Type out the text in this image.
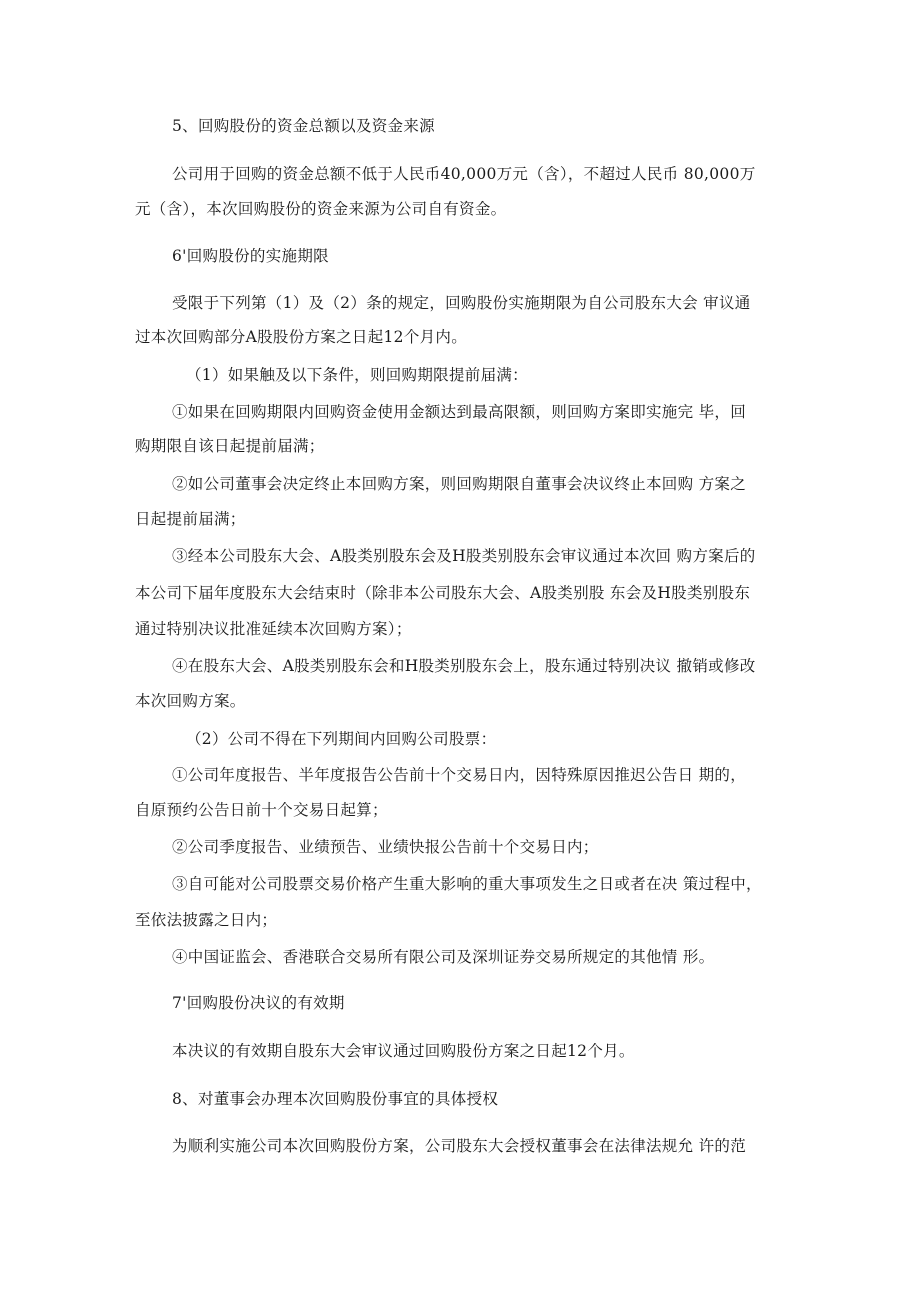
5、回购股份的资金总额以及资金来源
公司用于回购的资金总额不低于人民币40,000万元（含），不超过人民币 80,000万
元（含），本次回购股份的资金来源为公司自有资金。
6'回购股份的实施期限
受限于下列第（1）及（2）条的规定，回购股份实施期限为自公司股东大会 审议通
过本次回购部分A股股份方案之日起12个月内。
（1）如果触及以下条件，则回购期限提前届满：
①如果在回购期限内回购资金使用金额达到最高限额，则回购方案即实施完 毕，回
购期限自该日起提前届满；
②如公司董事会决定终止本回购方案，则回购期限自董事会决议终止本回购 方案之
日起提前届满；
③经本公司股东大会、A股类别股东会及H股类别股东会审议通过本次回 购方案后的
本公司下届年度股东大会结束时（除非本公司股东大会、A股类别股 东会及H股类别股东
通过特别决议批准延续本次回购方案）；
④在股东大会、A股类别股东会和H股类别股东会上，股东通过特别决议 撤销或修改
本次回购方案。
（2）公司不得在下列期间内回购公司股票：
①公司年度报告、半年度报告公告前十个交易日内，因特殊原因推迟公告日 期的，
自原预约公告日前十个交易日起算；
②公司季度报告、业绩预告、业绩快报公告前十个交易日内；
③自可能对公司股票交易价格产生重大影响的重大事项发生之日或者在决 策过程中，
至依法披露之日内；
④中国证监会、香港联合交易所有限公司及深圳证券交易所规定的其他情 形。
7'回购股份决议的有效期
本决议的有效期自股东大会审议通过回购股份方案之日起12个月。
8、对董事会办理本次回购股份事宜的具体授权
为顺利实施公司本次回购股份方案，公司股东大会授权董事会在法律法规允 许的范
